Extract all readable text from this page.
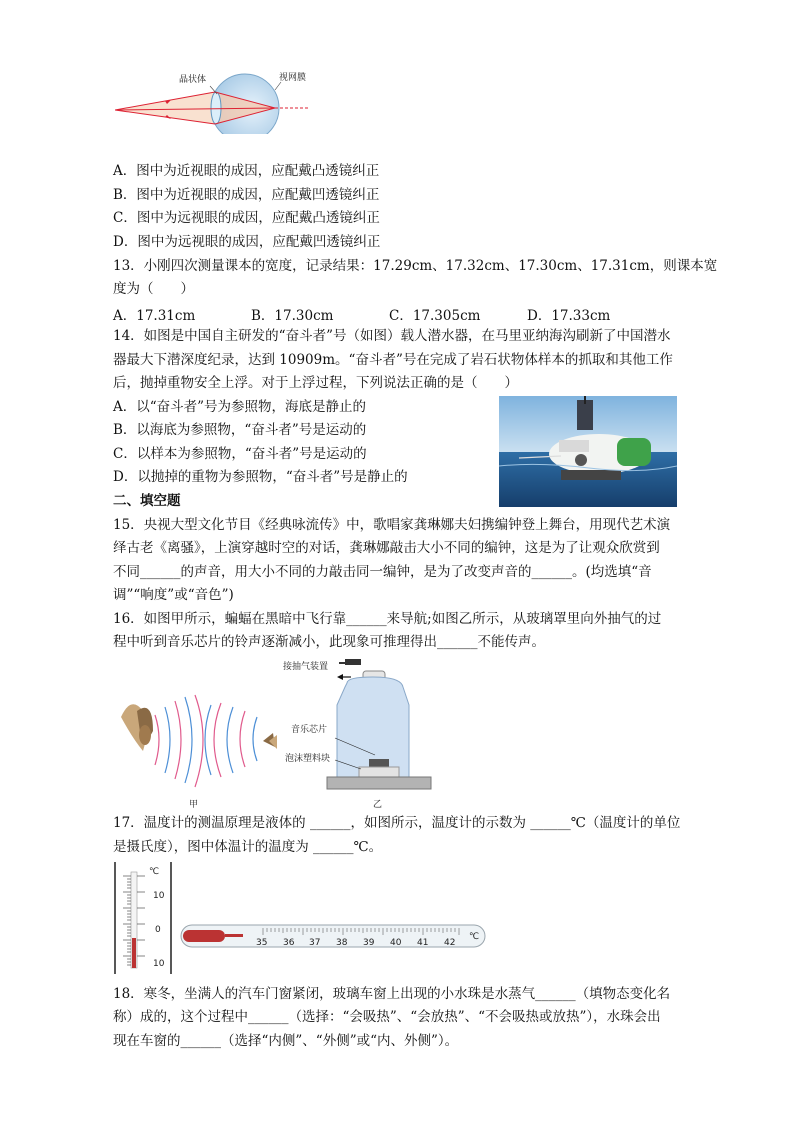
晶状体	视网膜
A．图中为近视眼的成因，应配戴凸透镜纠正
B．图中为近视眼的成因，应配戴凹透镜纠正
C．图中为远视眼的成因，应配戴凸透镜纠正
D．图中为远视眼的成因，应配戴凹透镜纠正
13．小刚四次测量课本的宽度，记录结果：17.29cm、17.32cm、17.30cm、17.31cm，则课本宽
度为（　　）
A．17.31cm	B．17.30cm	C．17.305cm	D．17.33cm
14．如图是中国自主研发的“奋斗者”号（如图）载人潜水器，在马里亚纳海沟刷新了中国潜水
器最大下潜深度纪录，达到 10909m。“奋斗者”号在完成了岩石状物体样本的抓取和其他工作
后，抛掉重物安全上浮。对于上浮过程，下列说法正确的是（　　）
A．以“奋斗者”号为参照物，海底是静止的
B．以海底为参照物，“奋斗者”号是运动的
C．以样本为参照物，“奋斗者”号是运动的
D．以抛掉的重物为参照物，“奋斗者”号是静止的
二、填空题
15．央视大型文化节目《经典咏流传》中，歌唱家龚琳娜夫妇携编钟登上舞台，用现代艺术演
绎古老《离骚》，上演穿越时空的对话，龚琳娜敲击大小不同的编钟，这是为了让观众欣赏到
不同______的声音，用大小不同的力敲击同一编钟，是为了改变声音的______。(均选填“音
调”“响度”或“音色”)
16．如图甲所示，蝙蝠在黑暗中飞行靠______来导航;如图乙所示，从玻璃罩里向外抽气的过
程中听到音乐芯片的铃声逐渐减小，此现象可推理得出______不能传声。
接抽气装置
音乐芯片
泡沫塑料块
甲	乙
17．温度计的测温原理是液体的 ______，如图所示，温度计的示数为 ______℃（温度计的单位
是摄氏度），图中体温计的温度为 ______℃。
℃
10
0
10
35 36 37 38 39 40 41 42
℃
18．寒冬，坐满人的汽车门窗紧闭，玻璃车窗上出现的小水珠是水蒸气______（填物态变化名
称）成的，这个过程中______（选择：“会吸热”、“会放热”、“不会吸热或放热”），水珠会出
现在车窗的______（选择“内侧”、“外侧”或“内、外侧”）。
